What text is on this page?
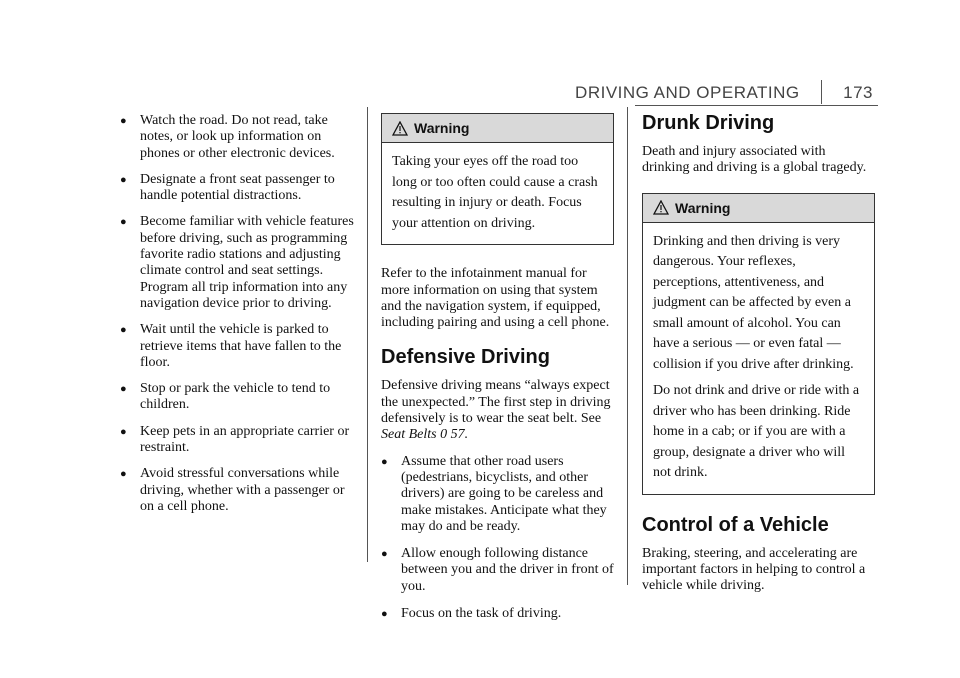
DRIVING AND OPERATING	173
● Watch the road. Do not read, take notes, or look up information on phones or other electronic devices.
● Designate a front seat passenger to handle potential distractions.
● Become familiar with vehicle features before driving, such as programming favorite radio stations and adjusting climate control and seat settings. Program all trip information into any navigation device prior to driving.
● Wait until the vehicle is parked to retrieve items that have fallen to the floor.
● Stop or park the vehicle to tend to children.
● Keep pets in an appropriate carrier or restraint.
● Avoid stressful conversations while driving, whether with a passenger or on a cell phone.
Warning

Taking your eyes off the road too long or too often could cause a crash resulting in injury or death. Focus your attention on driving.

Refer to the infotainment manual for more information on using that system and the navigation system, if equipped, including pairing and using a cell phone.

Defensive Driving

Defensive driving means “always expect the unexpected.” The first step in driving defensively is to wear the seat belt. See Seat Belts 0 57.

● Assume that other road users (pedestrians, bicyclists, and other drivers) are going to be careless and make mistakes. Anticipate what they may do and be ready.
● Allow enough following distance between you and the driver in front of you.
● Focus on the task of driving.
Drunk Driving

Death and injury associated with drinking and driving is a global tragedy.

Warning

Drinking and then driving is very dangerous. Your reflexes, perceptions, attentiveness, and judgment can be affected by even a small amount of alcohol. You can have a serious — or even fatal — collision if you drive after drinking.

Do not drink and drive or ride with a driver who has been drinking. Ride home in a cab; or if you are with a group, designate a driver who will not drink.

Control of a Vehicle

Braking, steering, and accelerating are important factors in helping to control a vehicle while driving.
